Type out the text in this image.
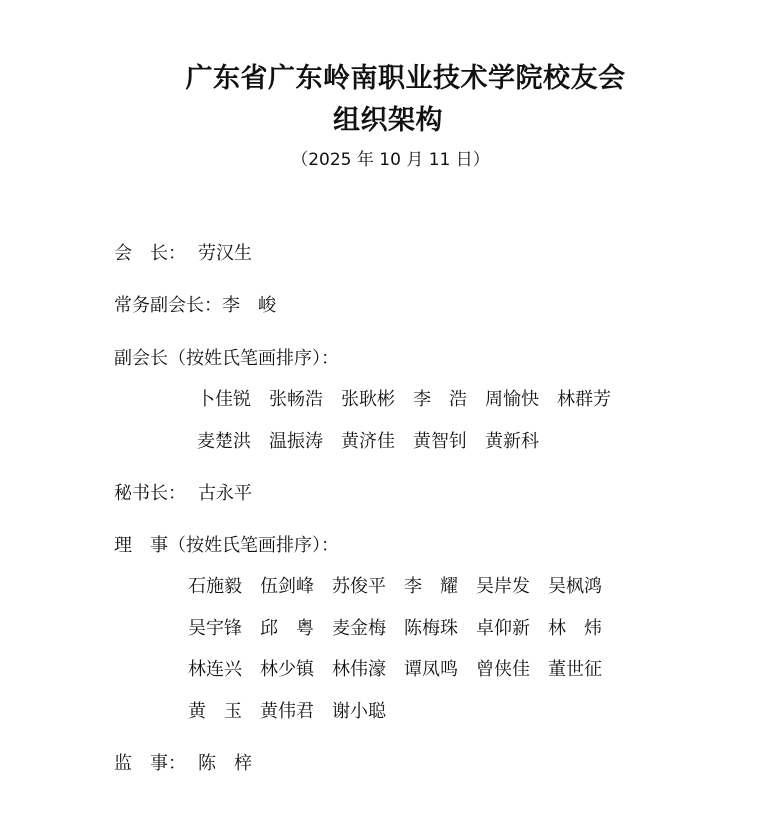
广东省广东岭南职业技术学院校友会
组织架构
（2025 年 10 月 11 日）
会　长： 劳汉生
常务副会长：李　峻
副会长（按姓氏笔画排序）：
卜佳锐 张畅浩 张耿彬 李　浩 周愉快 林群芳
麦楚洪 温振涛 黄济佳 黄智钊 黄新科
秘书长： 古永平
理　事（按姓氏笔画排序）：
石施毅 伍剑峰 苏俊平 李　耀 吴岸发 吴枫鸿
吴宇锋 邱　粤 麦金梅 陈梅珠 卓仰新 林　炜
林连兴 林少镇 林伟濠 谭凤鸣 曾侠佳 董世征
黄　玉 黄伟君 谢小聪
监　事： 陈　梓
